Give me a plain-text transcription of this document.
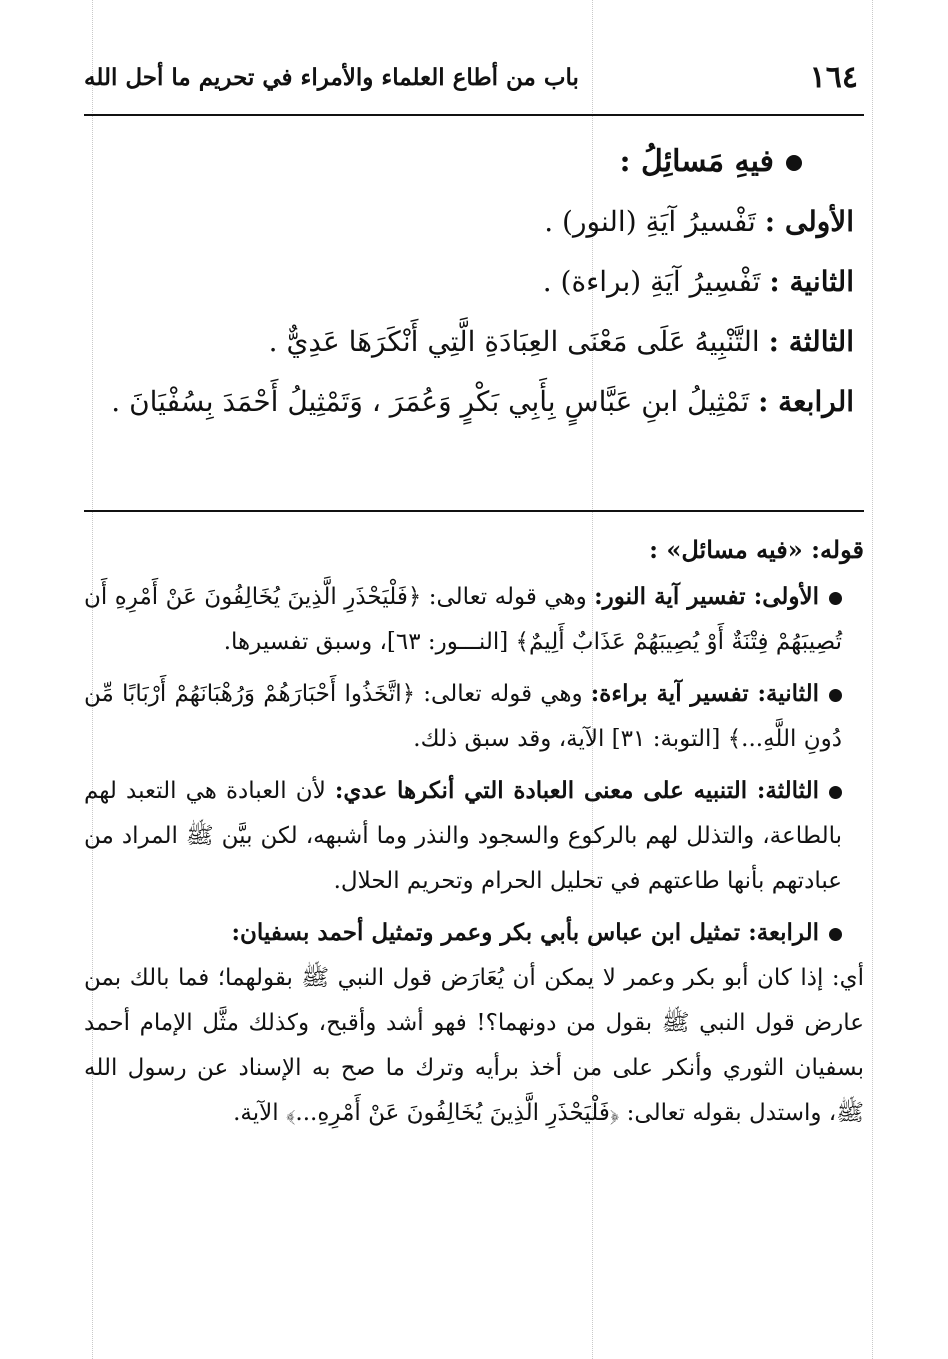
١٦٤
باب من أطاع العلماء والأمراء في تحريم ما أحل الله
فيهِ مَسائِلُ :
الأولى : تَفْسيرُ آيَةِ (النور) .
الثانية : تَفْسِيرُ آيَةِ (براءة) .
الثالثة : التَّنْبِيهُ عَلَى مَعْنَى العِبَادَةِ الَّتِي أَنْكَرَهَا عَدِيٌّ .
الرابعة : تَمْثِيلُ ابنِ عَبَّاسٍ بِأَبِي بَكْرٍ وَعُمَرَ ، وَتَمْثِيلُ أَحْمَدَ بِسُفْيَانَ .
قوله: «فيه مسائل» :
الأولى: تفسير آية النور: وهي قوله تعالى: ﴿فَلْيَحْذَرِ الَّذِينَ يُخَالِفُونَ عَنْ أَمْرِهِ أَن تُصِيبَهُمْ فِتْنَةٌ أَوْ يُصِيبَهُمْ عَذَابٌ أَلِيمٌ﴾ [النـــور: ٦٣]، وسبق تفسيرها.
الثانية: تفسير آية براءة: وهي قوله تعالى: ﴿اتَّخَذُوا أَحْبَارَهُمْ وَرُهْبَانَهُمْ أَرْبَابًا مِّن دُونِ اللَّهِ...﴾ [التوبة: ٣١] الآية، وقد سبق ذلك.
الثالثة: التنبيه على معنى العبادة التي أنكرها عدي: لأن العبادة هي التعبد لهم بالطاعة، والتذلل لهم بالركوع والسجود والنذر وما أشبهه، لكن بيَّن ﷺ المراد من عبادتهم بأنها طاعتهم في تحليل الحرام وتحريم الحلال.
الرابعة: تمثيل ابن عباس بأبي بكر وعمر وتمثيل أحمد بسفيان:
أي: إذا كان أبو بكر وعمر لا يمكن أن يُعَارَض قول النبي ﷺ بقولهما؛ فما بالك بمن عارض قول النبي ﷺ بقول من دونهما؟! فهو أشد وأقبح، وكذلك مثَّل الإمام أحمد بسفيان الثوري وأنكر على من أخذ برأيه وترك ما صح به الإسناد عن رسول الله ﷺ، واستدل بقوله تعالى: ﴿فَلْيَحْذَرِ الَّذِينَ يُخَالِفُونَ عَنْ أَمْرِهِ...﴾ الآية.
